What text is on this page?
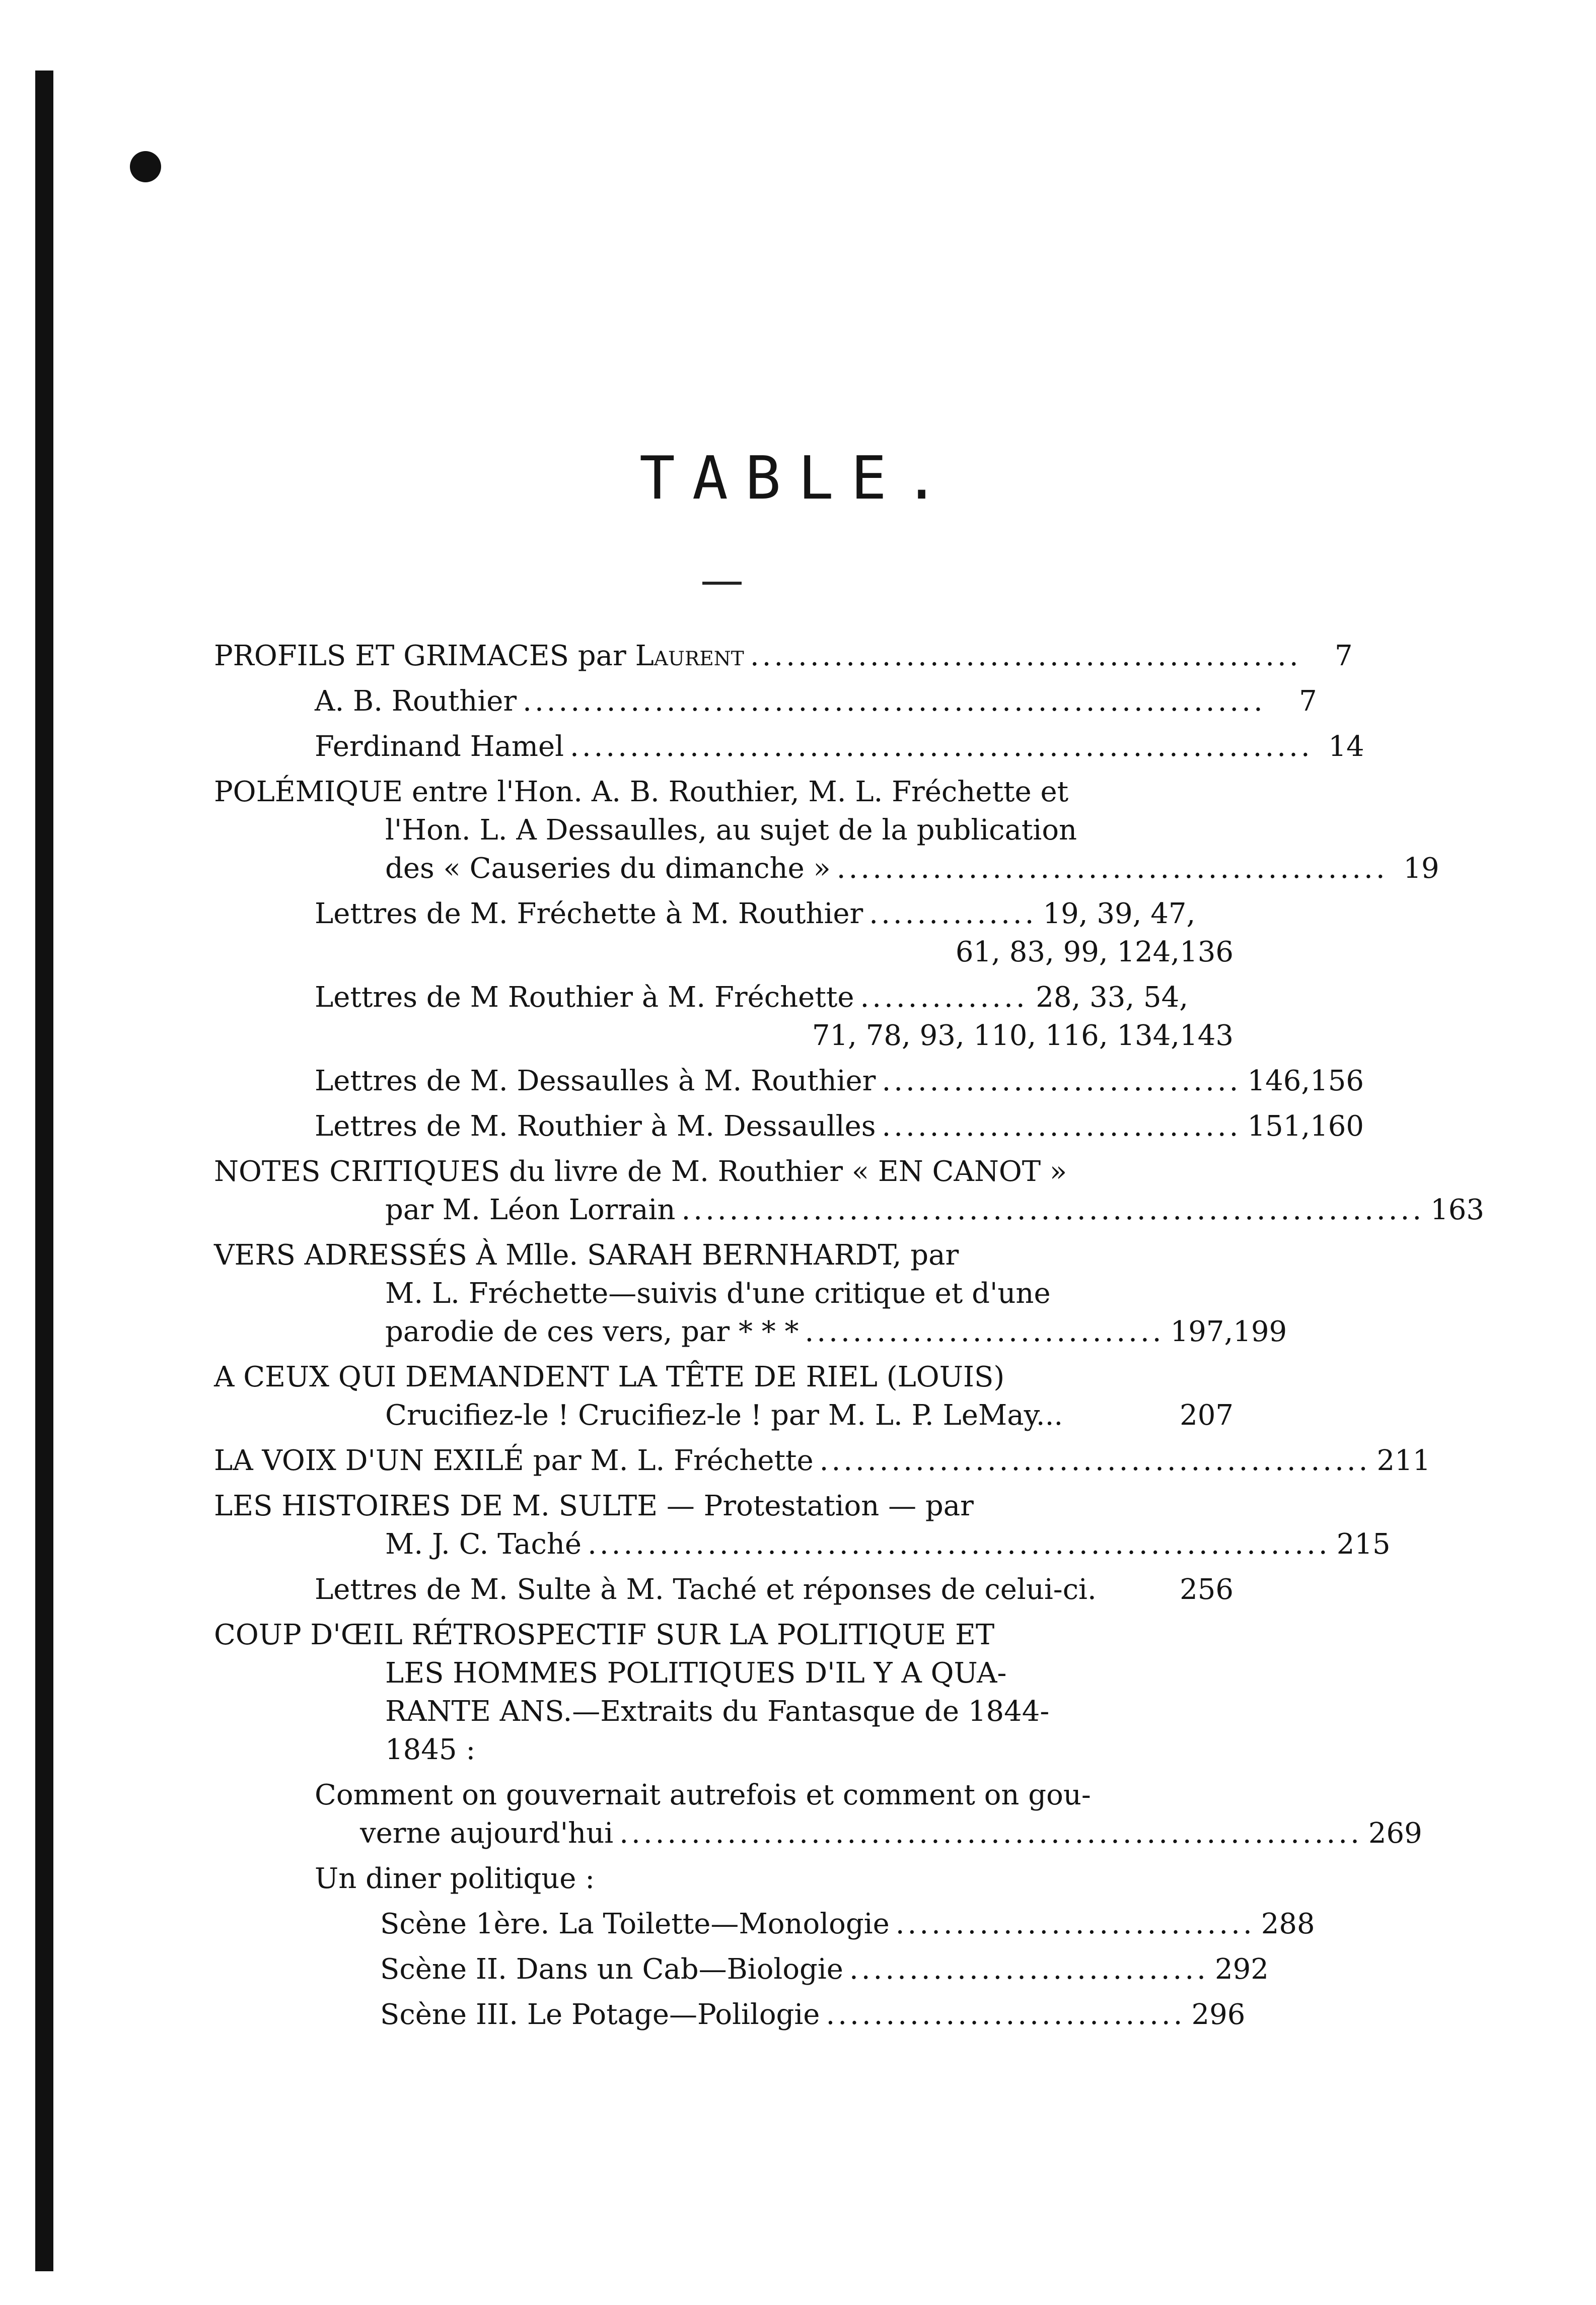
TABLE.
PROFILS ET GRIMACES par Laurent ..............................................	7
A. B. Routhier ..............................................................	7
Ferdinand Hamel .............................................................. 14
POLÉMIQUE entre l'Hon. A. B. Routhier, M. L. Fréchette et
l'Hon. L. A Dessaulles, au sujet de la publication
des « Causeries du dimanche » .............................................. 19
Lettres de M. Fréchette à M. Routhier .............. 19, 39, 47,
61, 83, 99, 124, 136
Lettres de M Routhier à M. Fréchette .............. 28, 33, 54,
71, 78, 93, 110, 116, 134, 143
Lettres de M. Dessaulles à M. Routhier .............................. 146, 156
Lettres de M. Routhier à M. Dessaulles .............................. 151, 160
NOTES CRITIQUES du livre de M. Routhier « EN CANOT »
par M. Léon Lorrain .............................................................. 163
VERS ADRESSÉS À Mlle. SARAH BERNHARDT, par
M. L. Fréchette—suivis d'une critique et d'une
parodie de ces vers, par * * * .............................. 197, 199
A CEUX QUI DEMANDENT LA TÊTE DE RIEL (LOUIS)
Crucifiez-le ! Crucifiez-le ! par M. L. P. LeMay...	207
LA VOIX D'UN EXILÉ par M. L. Fréchette .............................................. 211
LES HISTOIRES DE M. SULTE — Protestation — par
M. J. C. Taché .............................................................. 215
Lettres de M. Sulte à M. Taché et réponses de celui-ci.	256
COUP D'ŒIL RÉTROSPECTIF SUR LA POLITIQUE ET
LES HOMMES POLITIQUES D'IL Y A QUA-
RANTE ANS.—Extraits du Fantasque de 1844-
1845 :
Comment on gouvernait autrefois et comment on gou-
verne aujourd'hui .............................................................. 269
Un diner politique :
Scène 1ère. La Toilette—Monologie .............................. 288
Scène II. Dans un Cab—Biologie .............................. 292
Scène III. Le Potage—Polilogie .............................. 296
